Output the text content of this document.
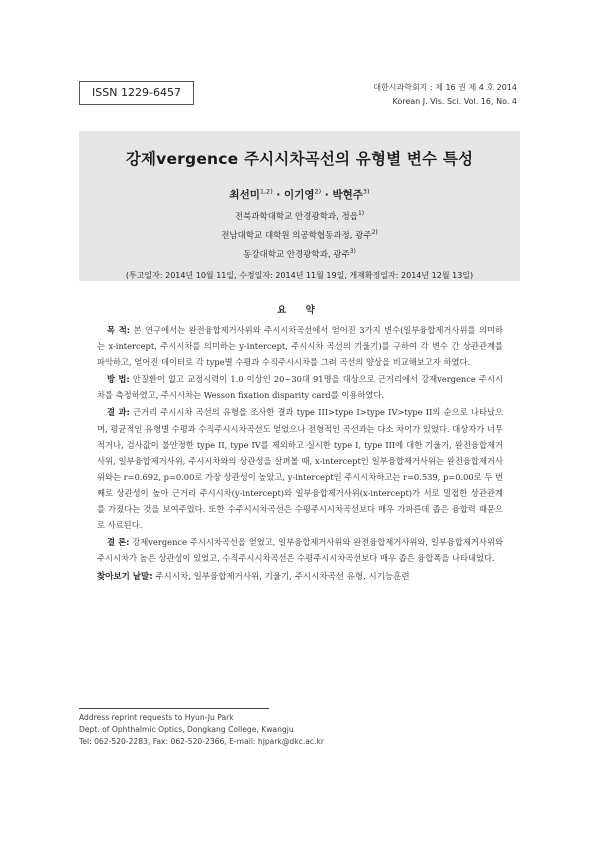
ISSN 1229-6457	대한시과학회지 : 제 16 권 제 4 호 2014
Korean J. Vis. Sci. Vol. 16, No. 4
강제vergence 주시시차곡선의 유형별 변수 특성
최선미$^{1,2)}$ · 이기영$^{2)}$ · 박현주$^{3)}$
전북과학대학교 안경광학과, 정읍$^{1)}$
전남대학교 대학원 의공학협동과정, 광주$^{2)}$
동강대학교 안경광학과, 광주$^{3)}$
(투고일자: 2014년 10월 11일, 수정일자: 2014년 11월 19일, 게재확정일자: 2014년 12월 13일)
요 약

목 적: 본 연구에서는 완전융합제거사위와 주시시차곡선에서 얻어진 3가지 변수(일부융합제거사위를 의미하는 x-intercept, 주시시차를 의미하는 y-intercept, 주시시차 곡선의 기울기)를 구하여 각 변수 간 상관관계를 파악하고, 얻어진 데이터로 각 type별 수평과 수직주시시차를 그려 곡선의 양상을 비교해보고자 하였다.

방 법: 안질환이 없고 교정시력이 1.0 이상인 20~30대 91명을 대상으로 근거리에서 강제vergence 주시시차를 측정하였고, 주시시차는 Wesson fixation disparity card를 이용하였다.

결 과: 근거리 주시시차 곡선의 유형을 조사한 결과 type III>type I>type IV>type II의 순으로 나타났으며, 평균적인 유형별 수평과 수직주시시차곡선도 얻었으나 전형적인 곡선과는 다소 차이가 있었다. 대상자가 너무 적거나, 검사값이 불안정한 type II, type IV를 제외하고 실시한 type I, type III에 대한 기울기, 완전융합제거 사위, 일부융합제거사위, 주시시차와의 상관성을 살펴볼 때, x-intercept인 일부융합제거사위는 완전융합제거사위와는 r=0.692, p=0.00로 가장 상관성이 높았고, y-intercept인 주시시차하고는 r=0.539, p=0.00로 두 번째로 상관성이 높아 근거리 주시시차(y-intercept)와 일부융합제거사위(x-intercept)가 서로 밀접한 상관관계를 가졌다는 것을 보여주었다. 또한 수주시시차곡선은 수평주시시차곡선보다 매우 가파른데 좁은 융합력 때문으로 사료된다.

결 론: 강제vergence 주시시차곡선을 얻었고, 일부융합제거사위와 완전융합제거사위와, 일부융합제거사위와 주시시차가 높은 상관성이 있었고, 수직주시시차곡선은 수평주시시차곡선보다 매우 좁은 융합폭을 나타내었다.

찾아보기 낱말: 주시시차, 일부융합제거사위, 기울기, 주시시차곡선 유형, 시기능훈련
Address reprint requests to Hyun-Ju Park
Dept. of Ophthalmic Optics, Dongkang College, Kwangju
Tel: 062-520-2283, Fax: 062-520-2366, E-mail: hjpark@dkc.ac.kr
